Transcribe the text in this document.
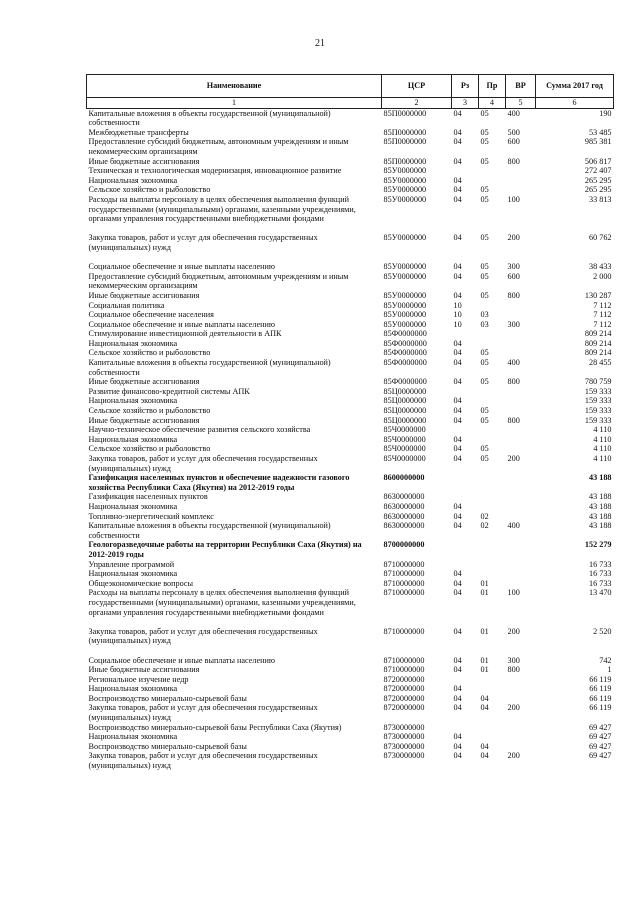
21
Наименование	ЦСР	Рз	Пр	ВР	Сумма 2017 год
1	2	3	4	5	6
Капитальные вложения в объекты государственной (муниципальной) собственности	85П0000000	04	05	400	190
Межбюджетные трансферты	85П0000000	04	05	500	53 485
Предоставление субсидий бюджетным, автономным учреждениям и иным некоммерческим организациям	85П0000000	04	05	600	985 381
Иные бюджетные ассигнования	85П0000000	04	05	800	506 817
Техническая и технологическая модернизация, инновационное развитие	85У0000000				272 407
Национальная экономика	85У0000000	04			265 295
Сельское хозяйство и рыболовство	85У0000000	04	05		265 295
Расходы на выплаты персоналу в целях обеспечения выполнения функций государственными (муниципальными) органами, казенными учреждениями, органами управления государственными внебюджетными фондами	85У0000000	04	05	100	33 813
Закупка товаров, работ и услуг для обеспечения государственных (муниципальных) нужд	85У0000000	04	05	200	60 762
Социальное обеспечение и иные выплаты населению	85У0000000	04	05	300	38 433
Предоставление субсидий бюджетным, автономным учреждениям и иным некоммерческим организациям	85У0000000	04	05	600	2 000
Иные бюджетные ассигнования	85У0000000	04	05	800	130 287
Социальная политика	85У0000000	10			7 112
Социальное обеспечение населения	85У0000000	10	03		7 112
Социальное обеспечение и иные выплаты населению	85У0000000	10	03	300	7 112
Стимулирование инвестиционной деятельности в АПК	85Ф0000000				809 214
Национальная экономика	85Ф0000000	04			809 214
Сельское хозяйство и рыболовство	85Ф0000000	04	05		809 214
Капитальные вложения в объекты государственной (муниципальной) собственности	85Ф0000000	04	05	400	28 455
Иные бюджетные ассигнования	85Ф0000000	04	05	800	780 759
Развитие финансово-кредитной системы АПК	85Ц0000000				159 333
Национальная экономика	85Ц0000000	04			159 333
Сельское хозяйство и рыболовство	85Ц0000000	04	05		159 333
Иные бюджетные ассигнования	85Ц0000000	04	05	800	159 333
Научно-техническое обеспечение развития сельского хозяйства	85Ч0000000				4 110
Национальная экономика	85Ч0000000	04			4 110
Сельское хозяйство и рыболовство	85Ч0000000	04	05		4 110
Закупка товаров, работ и услуг для обеспечения государственных (муниципальных) нужд	85Ч0000000	04	05	200	4 110
Газификация населенных пунктов и обеспечение надежности газового хозяйства Республики Саха (Якутия) на 2012-2019 годы	8600000000				43 188
Газификация населенных пунктов	8630000000				43 188
Национальная экономика	8630000000	04			43 188
Топливно-энергетический комплекс	8630000000	04	02		43 188
Капитальные вложения в объекты государственной (муниципальной) собственности	8630000000	04	02	400	43 188
Геологоразведочные работы на территории Республики Саха (Якутия) на 2012-2019 годы	8700000000				152 279
Управление программой	8710000000				16 733
Национальная экономика	8710000000	04			16 733
Общеэкономические вопросы	8710000000	04	01		16 733
Расходы на выплаты персоналу в целях обеспечения выполнения функций государственными (муниципальными) органами, казенными учреждениями, органами управления государственными внебюджетными фондами	8710000000	04	01	100	13 470
Закупка товаров, работ и услуг для обеспечения государственных (муниципальных) нужд	8710000000	04	01	200	2 520
Социальное обеспечение и иные выплаты населению	8710000000	04	01	300	742
Иные бюджетные ассигнования	8710000000	04	01	800	1
Региональное изучение недр	8720000000				66 119
Национальная экономика	8720000000	04			66 119
Воспроизводство минерально-сырьевой базы	8720000000	04	04		66 119
Закупка товаров, работ и услуг для обеспечения государственных (муниципальных) нужд	8720000000	04	04	200	66 119
Воспроизводство минерально-сырьевой базы Республики Саха (Якутия)	8730000000				69 427
Национальная экономика	8730000000	04			69 427
Воспроизводство минерально-сырьевой базы	8730000000	04	04		69 427
Закупка товаров, работ и услуг для обеспечения государственных (муниципальных) нужд	8730000000	04	04	200	69 427
